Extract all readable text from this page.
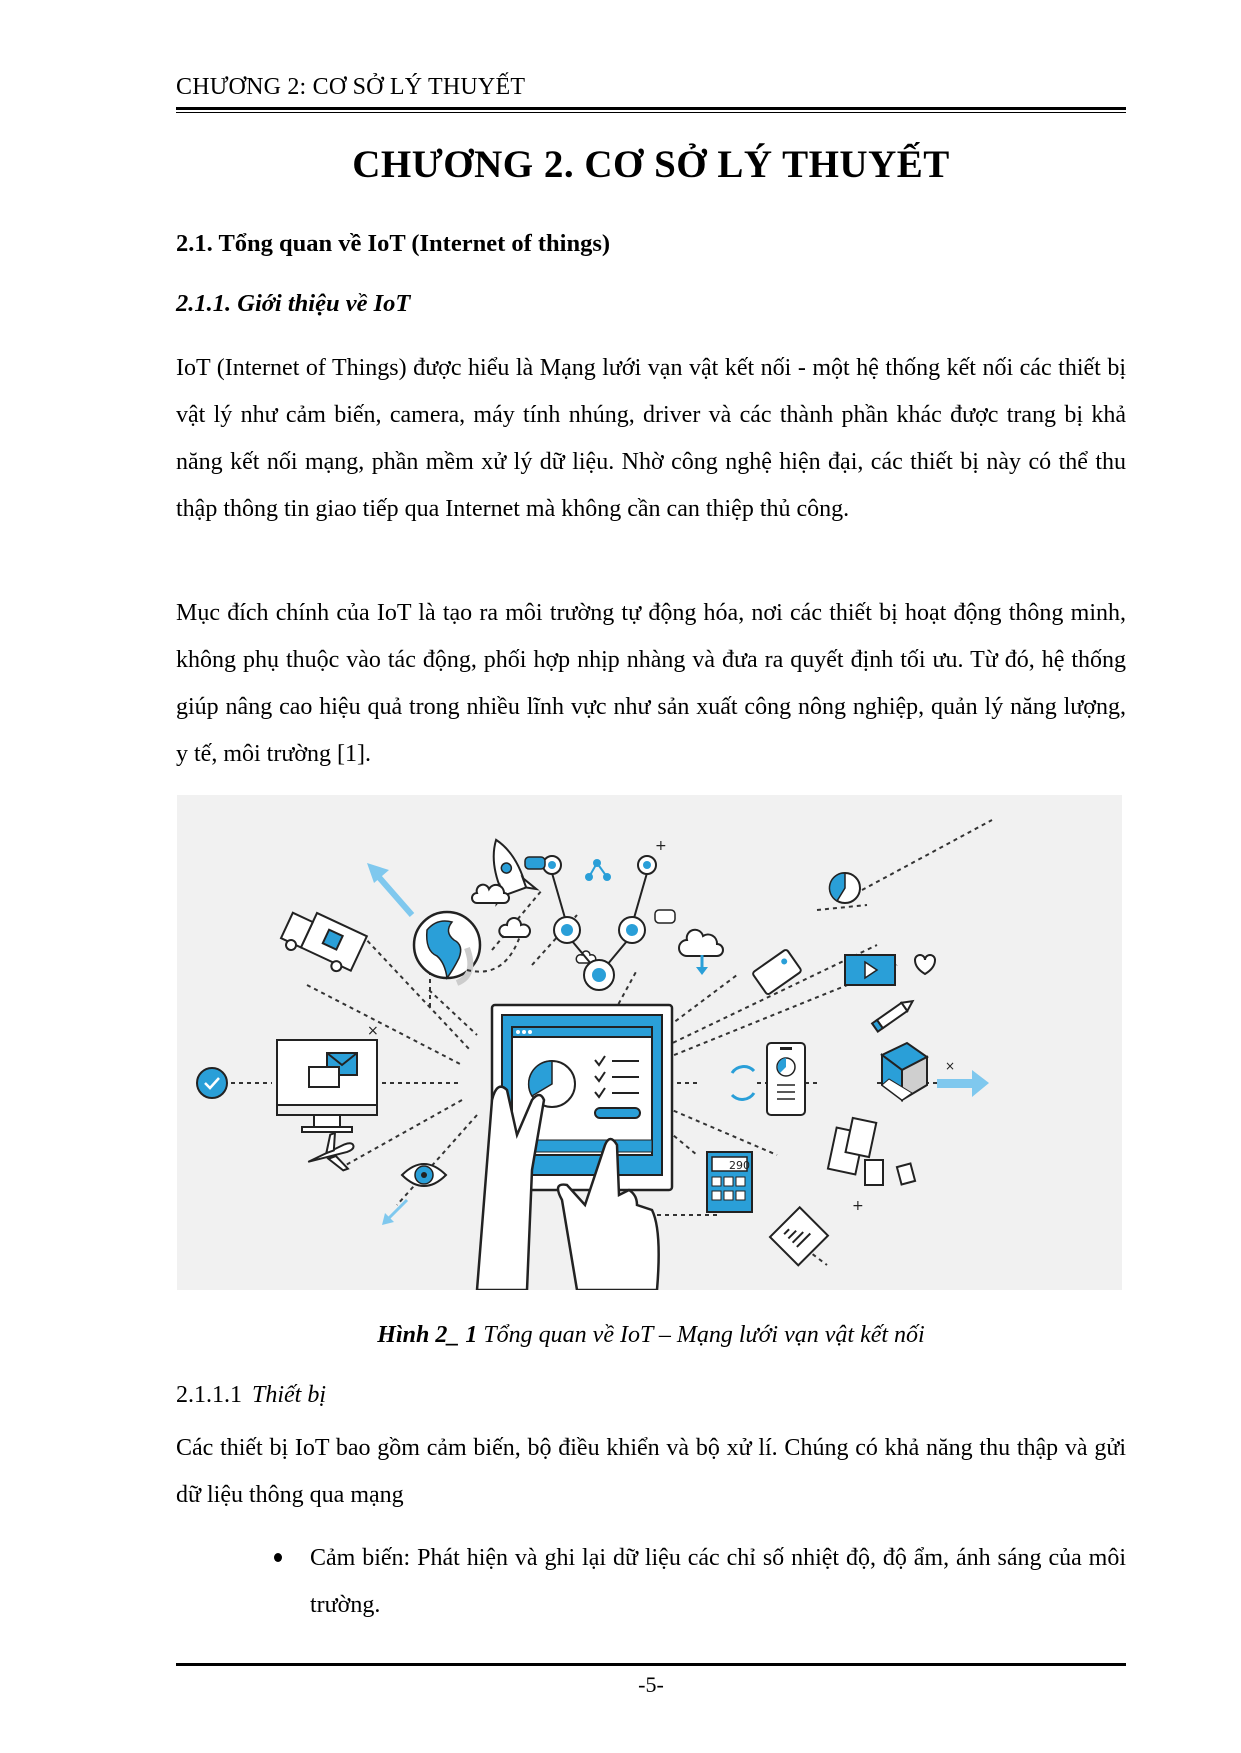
CHƯƠNG 2: CƠ SỞ LÝ THUYẾT
CHƯƠNG 2. CƠ SỞ LÝ THUYẾT
2.1. Tổng quan về IoT (Internet of things)
2.1.1. Giới thiệu về IoT
IoT (Internet of Things) được hiểu là Mạng lưới vạn vật kết nối - một hệ thống kết nối các thiết bị vật lý như cảm biến, camera, máy tính nhúng, driver và các thành phần khác được trang bị khả năng kết nối mạng, phần mềm xử lý dữ liệu. Nhờ công nghệ hiện đại, các thiết bị này có thể thu thập thông tin giao tiếp qua Internet mà không cần can thiệp thủ công.
Mục đích chính của IoT là tạo ra môi trường tự động hóa, nơi các thiết bị hoạt động thông minh, không phụ thuộc vào tác động, phối hợp nhịp nhàng và đưa ra quyết định tối ưu. Từ đó, hệ thống giúp nâng cao hiệu quả trong nhiều lĩnh vực như sản xuất công nông nghiệp, quản lý năng lượng, y tế, môi trường [1].
×
+
×
290
+
Hình 2_ 1 Tổng quan về IoT – Mạng lưới vạn vật kết nối
2.1.1.1 Thiết bị
Các thiết bị IoT bao gồm cảm biến, bộ điều khiển và bộ xử lí. Chúng có khả năng thu thập và gửi dữ liệu thông qua mạng
Cảm biến: Phát hiện và ghi lại dữ liệu các chỉ số nhiệt độ, độ ẩm, ánh sáng của môi trường.
-5-
